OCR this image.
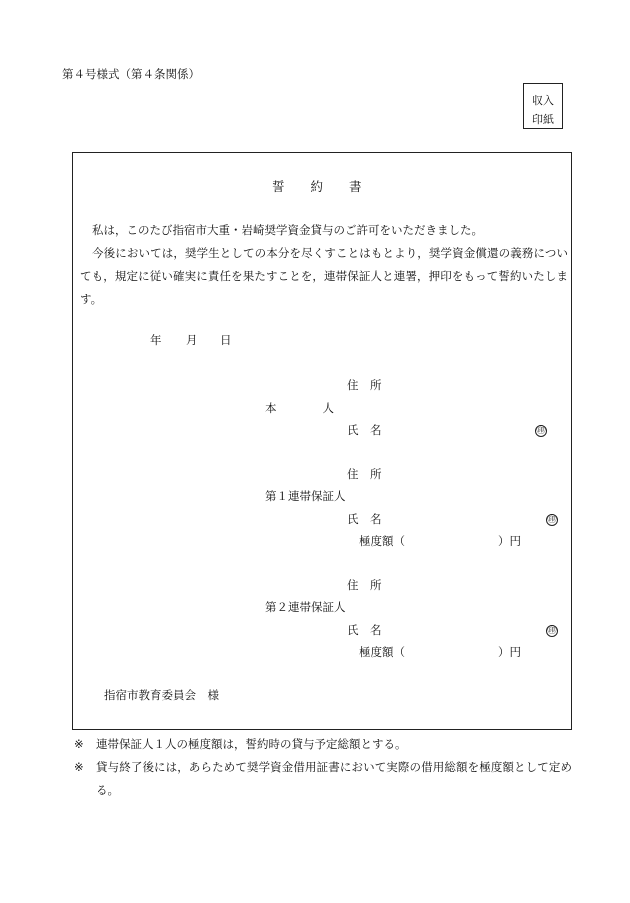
第４号様式（第４条関係）
収入
印紙
誓約書
私は，このたび指宿市大重・岩崎奨学資金貸与のご許可をいただきました。
今後においては，奨学生としての本分を尽くすことはもとより，奨学資金償還の義務についても，規定に従い確実に責任を果たすことを，連帯保証人と連署，押印をもって誓約いたします。
年 月 日
住　所
本　　　　人
氏　名	㊞
住　所
第１連帯保証人
氏　名	㊞
極度額（	）円
住　所
第２連帯保証人
氏　名	㊞
極度額（	）円
指宿市教育委員会　様
※ 連帯保証人１人の極度額は，誓約時の貸与予定総額とする。
※ 貸与終了後には，あらためて奨学資金借用証書において実際の借用総額を極度額として定める。
